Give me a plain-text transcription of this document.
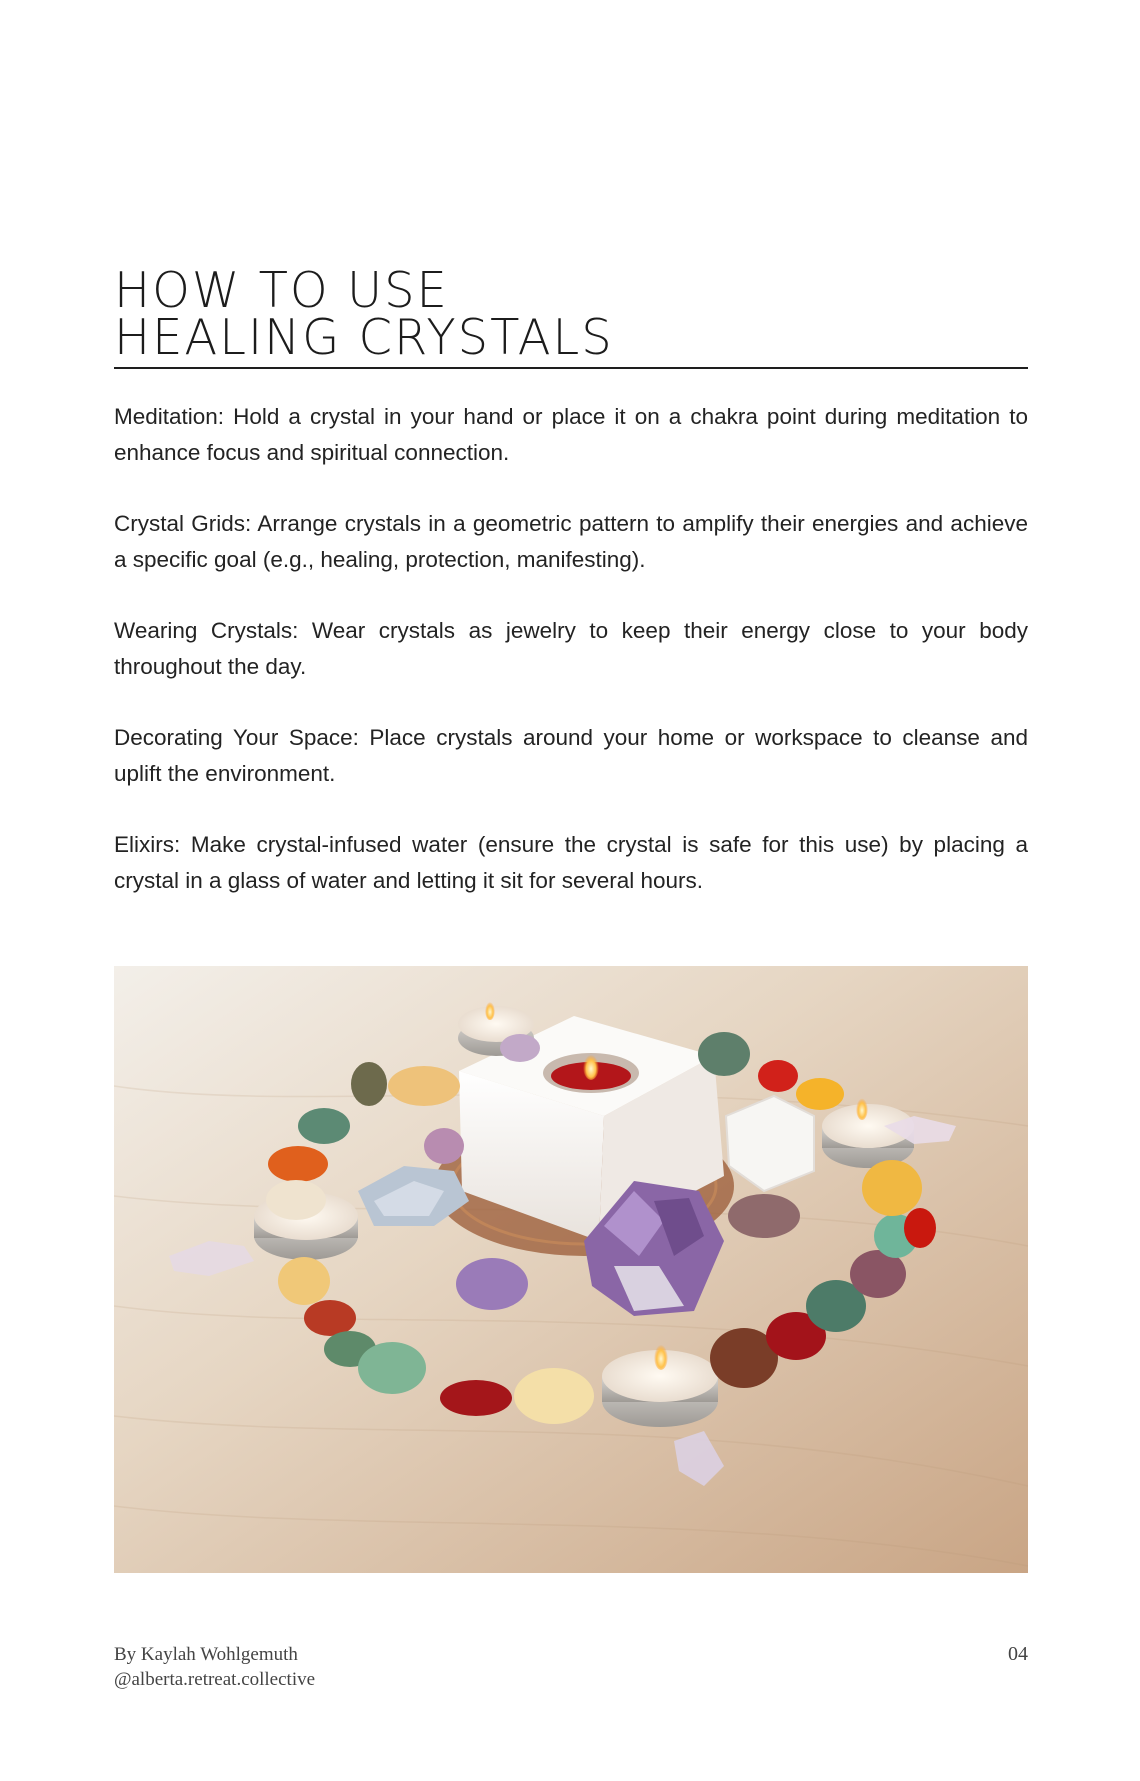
HOW TO USE
HEALING CRYSTALS

Meditation: Hold a crystal in your hand or place it on a chakra point during meditation to enhance focus and spiritual connection.

Crystal Grids: Arrange crystals in a geometric pattern to amplify their energies and achieve a specific goal (e.g., healing, protection, manifesting).

Wearing Crystals: Wear crystals as jewelry to keep their energy close to your body throughout the day.

Decorating Your Space: Place crystals around your home or workspace to cleanse and uplift the environment.

Elixirs: Make crystal-infused water (ensure the crystal is safe for this use) by placing a crystal in a glass of water and letting it sit for several hours.

By Kaylah Wohlgemuth
@alberta.retreat.collective
04
